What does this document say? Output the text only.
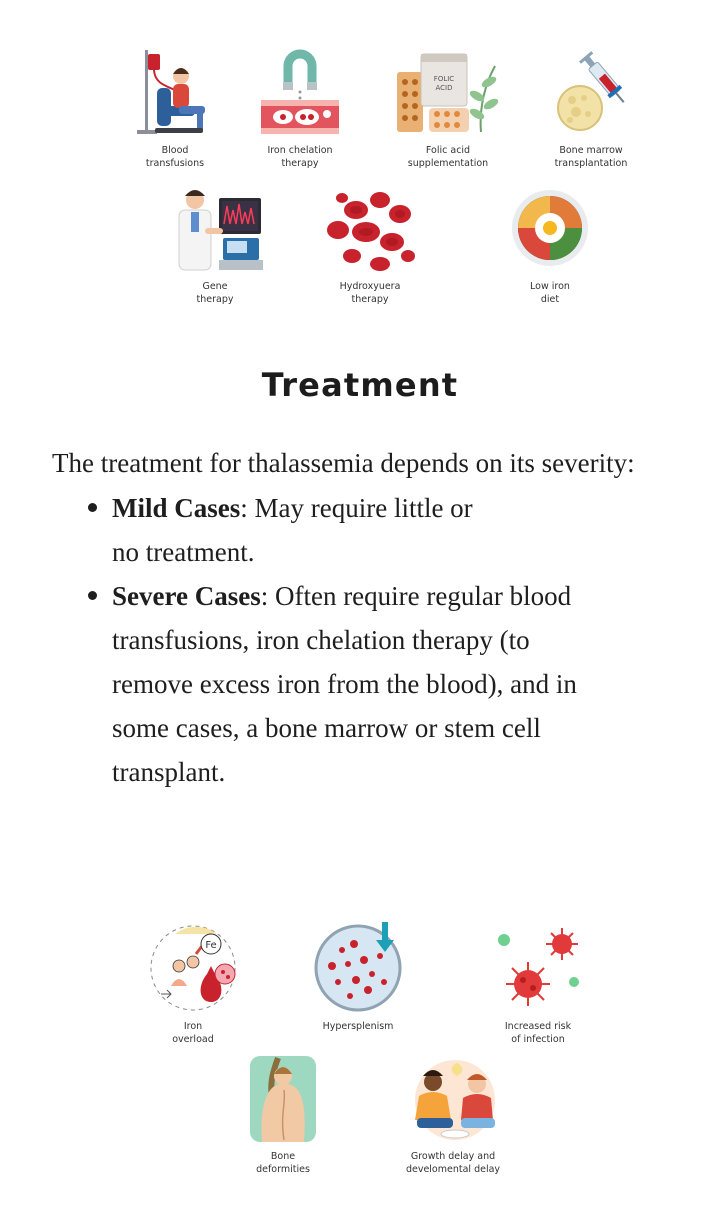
Blood
transfusions
Iron chelation
therapy
FOLIC
ACID
Folic acid
supplementation
Bone marrow
transplantation
Gene
therapy
Hydroxyuera
therapy
Low iron
diet
Treatment
The treatment for thalassemia depends on its severity:
Mild Cases: May require little or
no treatment.
Severe Cases: Often require regular blood
transfusions, iron chelation therapy (to remove excess iron from the blood), and in some cases, a bone marrow or stem cell transplant.
Fe
Iron
overload
Hypersplenism	Increased risk
of infection
Bone
deformities
Growth delay and
develomental delay
